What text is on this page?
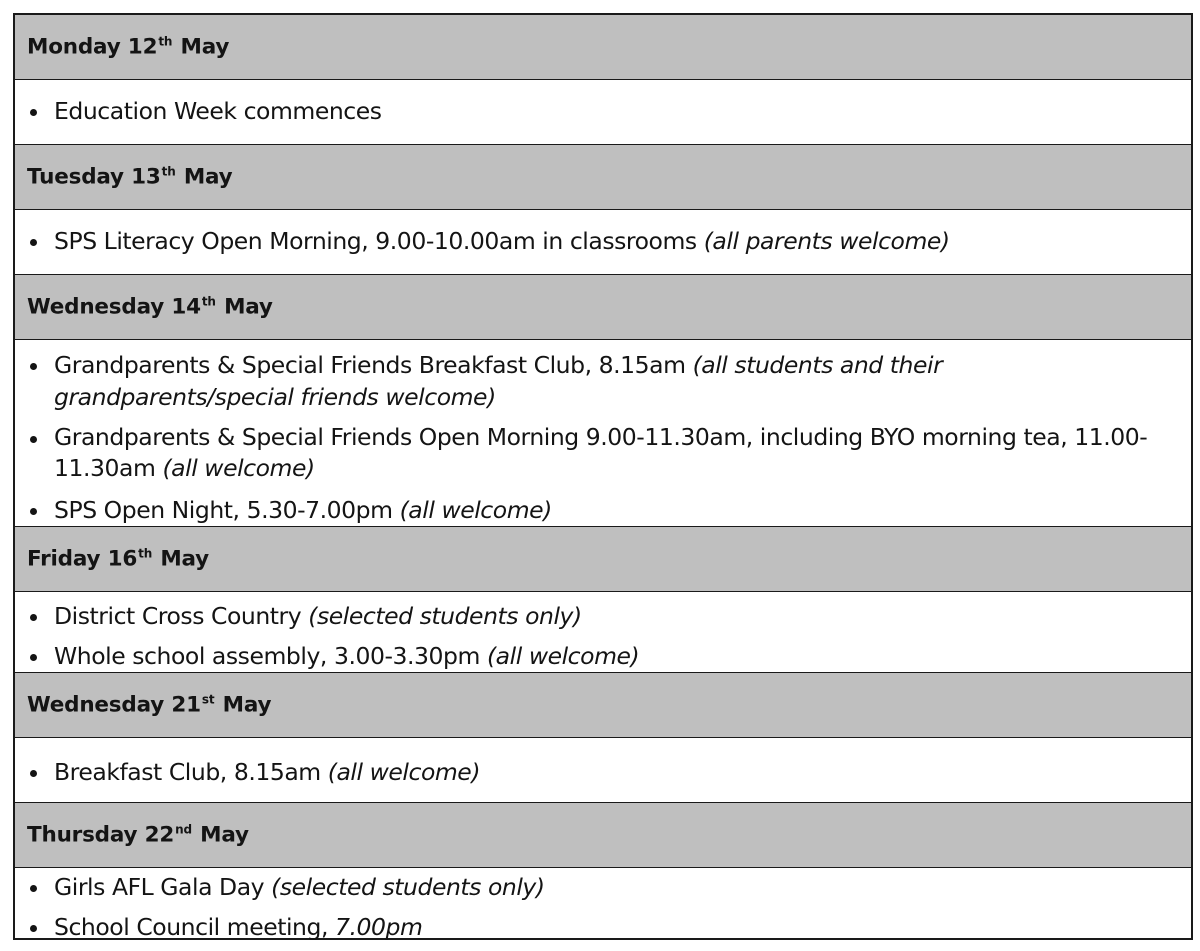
Monday 12th May
Education Week commences
Tuesday 13th May
SPS Literacy Open Morning, 9.00-10.00am in classrooms (all parents welcome)
Wednesday 14th May
Grandparents & Special Friends Breakfast Club, 8.15am (all students and their grandparents/special friends welcome)
Grandparents & Special Friends Open Morning 9.00-11.30am, including BYO morning tea, 11.00-11.30am (all welcome)
SPS Open Night, 5.30-7.00pm (all welcome)
Friday 16th May
District Cross Country (selected students only)
Whole school assembly, 3.00-3.30pm (all welcome)
Wednesday 21st May
Breakfast Club, 8.15am (all welcome)
Thursday 22nd May
Girls AFL Gala Day (selected students only)
School Council meeting, 7.00pm
